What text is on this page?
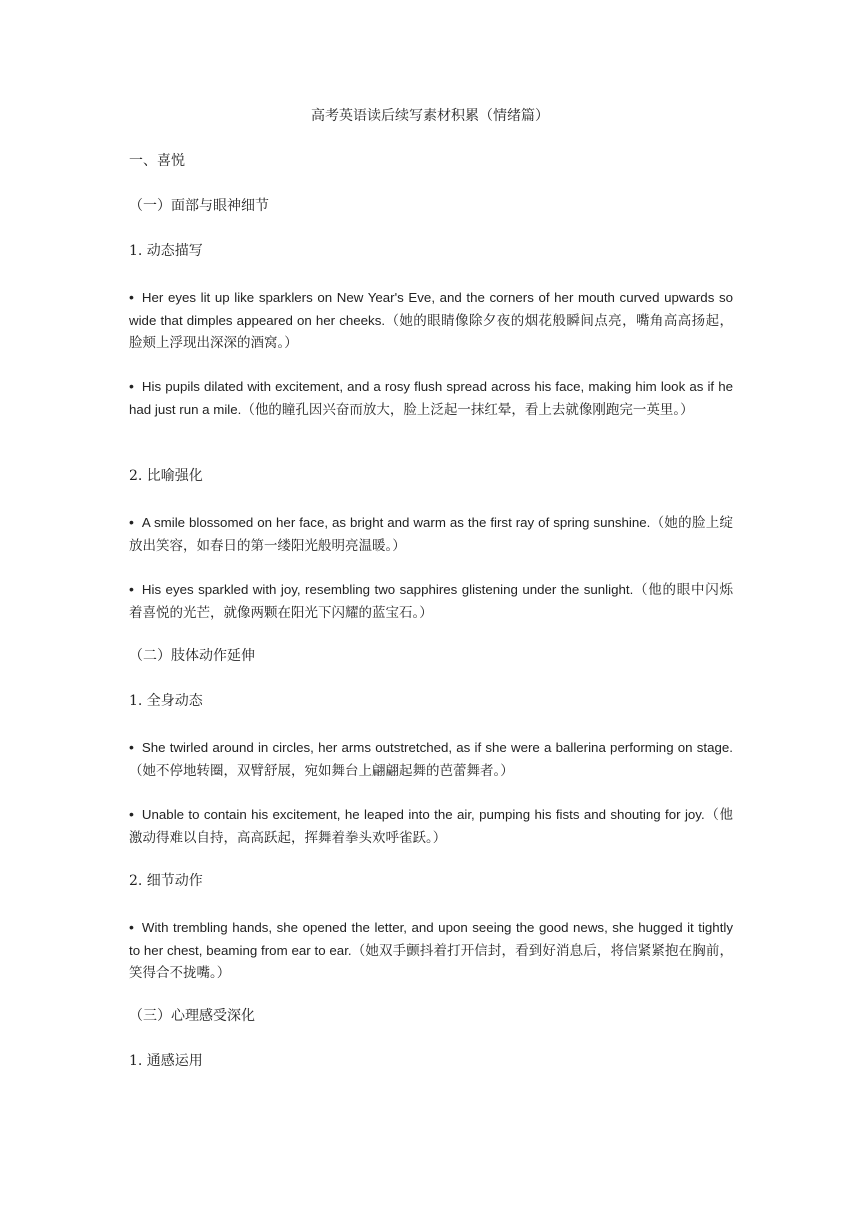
高考英语读后续写素材积累（情绪篇）
一、喜悦
（一）面部与眼神细节
1. 动态描写
• Her eyes lit up like sparklers on New Year's Eve, and the corners of her mouth curved upwards so wide that dimples appeared on her cheeks.（她的眼睛像除夕夜的烟花般瞬间点亮，嘴角高高扬起，脸颊上浮现出深深的酒窝。）
• His pupils dilated with excitement, and a rosy flush spread across his face, making him look as if he had just run a mile.（他的瞳孔因兴奋而放大，脸上泛起一抹红晕，看上去就像刚跑完一英里。）
2. 比喻强化
• A smile blossomed on her face, as bright and warm as the first ray of spring sunshine.（她的脸上绽放出笑容，如春日的第一缕阳光般明亮温暖。）
• His eyes sparkled with joy, resembling two sapphires glistening under the sunlight.（他的眼中闪烁着喜悦的光芒，就像两颗在阳光下闪耀的蓝宝石。）
（二）肢体动作延伸
1. 全身动态
• She twirled around in circles, her arms outstretched, as if she were a ballerina performing on stage.（她不停地转圈，双臂舒展，宛如舞台上翩翩起舞的芭蕾舞者。）
• Unable to contain his excitement, he leaped into the air, pumping his fists and shouting for joy.（他激动得难以自持，高高跃起，挥舞着拳头欢呼雀跃。）
2. 细节动作
• With trembling hands, she opened the letter, and upon seeing the good news, she hugged it tightly to her chest, beaming from ear to ear.（她双手颤抖着打开信封，看到好消息后，将信紧紧抱在胸前，笑得合不拢嘴。）
（三）心理感受深化
1. 通感运用
